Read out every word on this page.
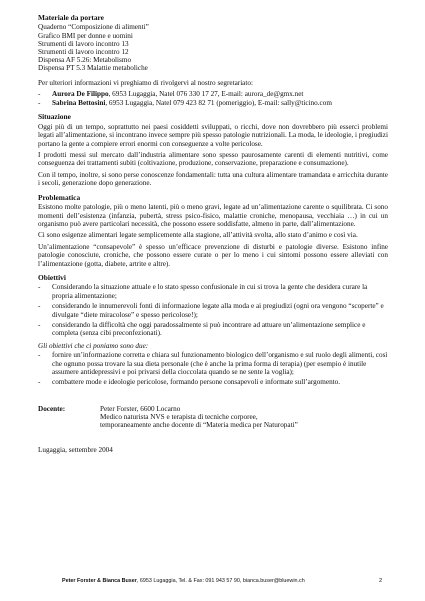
Materiale da portare
Quaderno “Composizione di alimenti”
Grafico BMI per donne e uomini
Strumenti di lavoro incontro 13
Strumenti di lavoro incontro 12
Dispensa AF 5.26: Metabolismo
Dispensa PT 5.3 Malattie metaboliche
Per ulteriori informazioni vi preghiamo di rivolgervi al nostro segretariato:
- Aurora De Filippo, 6953 Lugaggia, Natel 076 330 17 27, E-mail: aurora_de@gmx.net
- Sabrina Bettosini, 6953 Lugaggia, Natel 079 423 82 71 (pomeriggio), E-mail: sally@ticino.com
Situazione

Oggi più di un tempo, soprattutto nei paesi cosiddetti sviluppati, o ricchi, dove non dovrebbero più esserci problemi legati all’alimentazione, si incontrano invece sempre più spesso patologie nutrizionali. La moda, le ideologie, i pregiudizi portano la gente a compiere errori enormi con conseguenze a volte pericolose.

I prodotti messi sul mercato dall’industria alimentare sono spesso paurosamente carenti di elementi nutritivi, come conseguenza dei trattamenti subiti (coltivazione, produzione, conservazione, preparazione e consumazione).

Con il tempo, inoltre, si sono perse conoscenze fondamentali: tutta una cultura alimentare tramandata e arricchita durante i secoli, generazione dopo generazione.

Problematica

Esistono molte patologie, più o meno latenti, più o meno gravi, legate ad un’alimentazione carente o squilibrata. Ci sono momenti dell’esistenza (infanzia, pubertà, stress psico-fisico, malattie croniche, menopausa, vecchiaia …) in cui un organismo può avere particolari necessità, che possono essere soddisfatte, almeno in parte, dall’alimentazione.

Ci sono esigenze alimentari legate semplicemente alla stagione, all’attività svolta, allo stato d’animo e così via.

Un’alimentazione “consapevole” è spesso un’efficace prevenzione di disturbi e patologie diverse. Esistono infine patologie conosciute, croniche, che possono essere curate o per lo meno i cui sintomi possono essere alleviati con l’alimentazione (gotta, diabete, artrite e altre).

Obiettivi
- Considerando la situazione attuale e lo stato spesso confusionale in cui si trova la gente che desidera curare la propria alimentazione;
- considerando le innumerevoli fonti di informazione legate alla moda e ai pregiudizi (ogni ora vengono “scoperte” e divulgate “diete miracolose” e spesso pericolose!);
- considerando la difficoltà che oggi paradossalmente si può incontrare ad attuare un’alimentazione semplice e completa (senza cibi preconfezionati).
Gli obiettivi che ci poniamo sono due:
- fornire un’informazione corretta e chiara sul funzionamento biologico dell’organismo e sul ruolo degli alimenti, così che ognuno possa trovare la sua dieta personale (che è anche la prima forma di terapia) (per esempio è inutile assumere antidepressivi e poi privarsi della cioccolata quando se ne sente la voglia);
- combattere mode e ideologie pericolose, formando persone consapevoli e informate sull’argomento.
Docente:	Peter Forster, 6600 Locarno
Medico naturista NVS e terapista di tecniche corporee,
temporaneamente anche docente di “Materia medica per Naturopati”
Lugaggia, settembre 2004
Peter Forster & Bianca Buser, 6953 Lugaggia, Tel. & Fax: 091 943 57 90, bianca.buser@bluewin.ch	2
